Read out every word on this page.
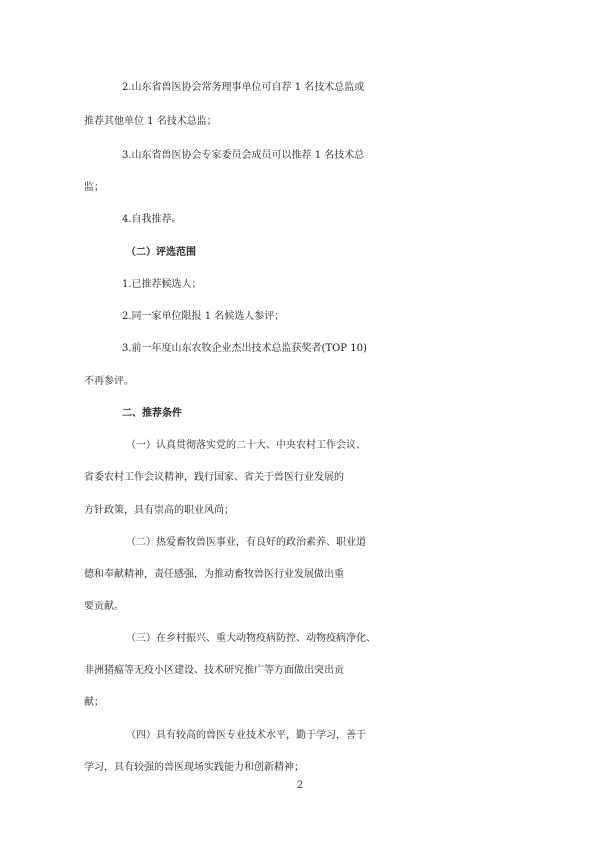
2.山东省兽医协会常务理事单位可自荐 1 名技术总监或
推荐其他单位 1 名技术总监；
3.山东省兽医协会专家委员会成员可以推荐 1 名技术总
监；
4.自我推荐。
（二）评选范围
1.已推荐候选人；
2.同一家单位限报 1 名候选人参评；
3.前一年度山东农牧企业杰出技术总监获奖者(TOP 10)
不再参评。
二、推荐条件
（一）认真贯彻落实党的二十大、中央农村工作会议、
省委农村工作会议精神，践行国家、省关于兽医行业发展的
方针政策，具有崇高的职业风尚；
（二）热爱畜牧兽医事业，有良好的政治素养、职业道
德和奉献精神，责任感强，为推动畜牧兽医行业发展做出重
要贡献。
（三）在乡村振兴、重大动物疫病防控、动物疫病净化、
非洲猪瘟等无疫小区建设、技术研究推广等方面做出突出贡
献；
（四）具有较高的兽医专业技术水平，勤于学习，善于
学习，具有较强的兽医现场实践能力和创新精神；
2
